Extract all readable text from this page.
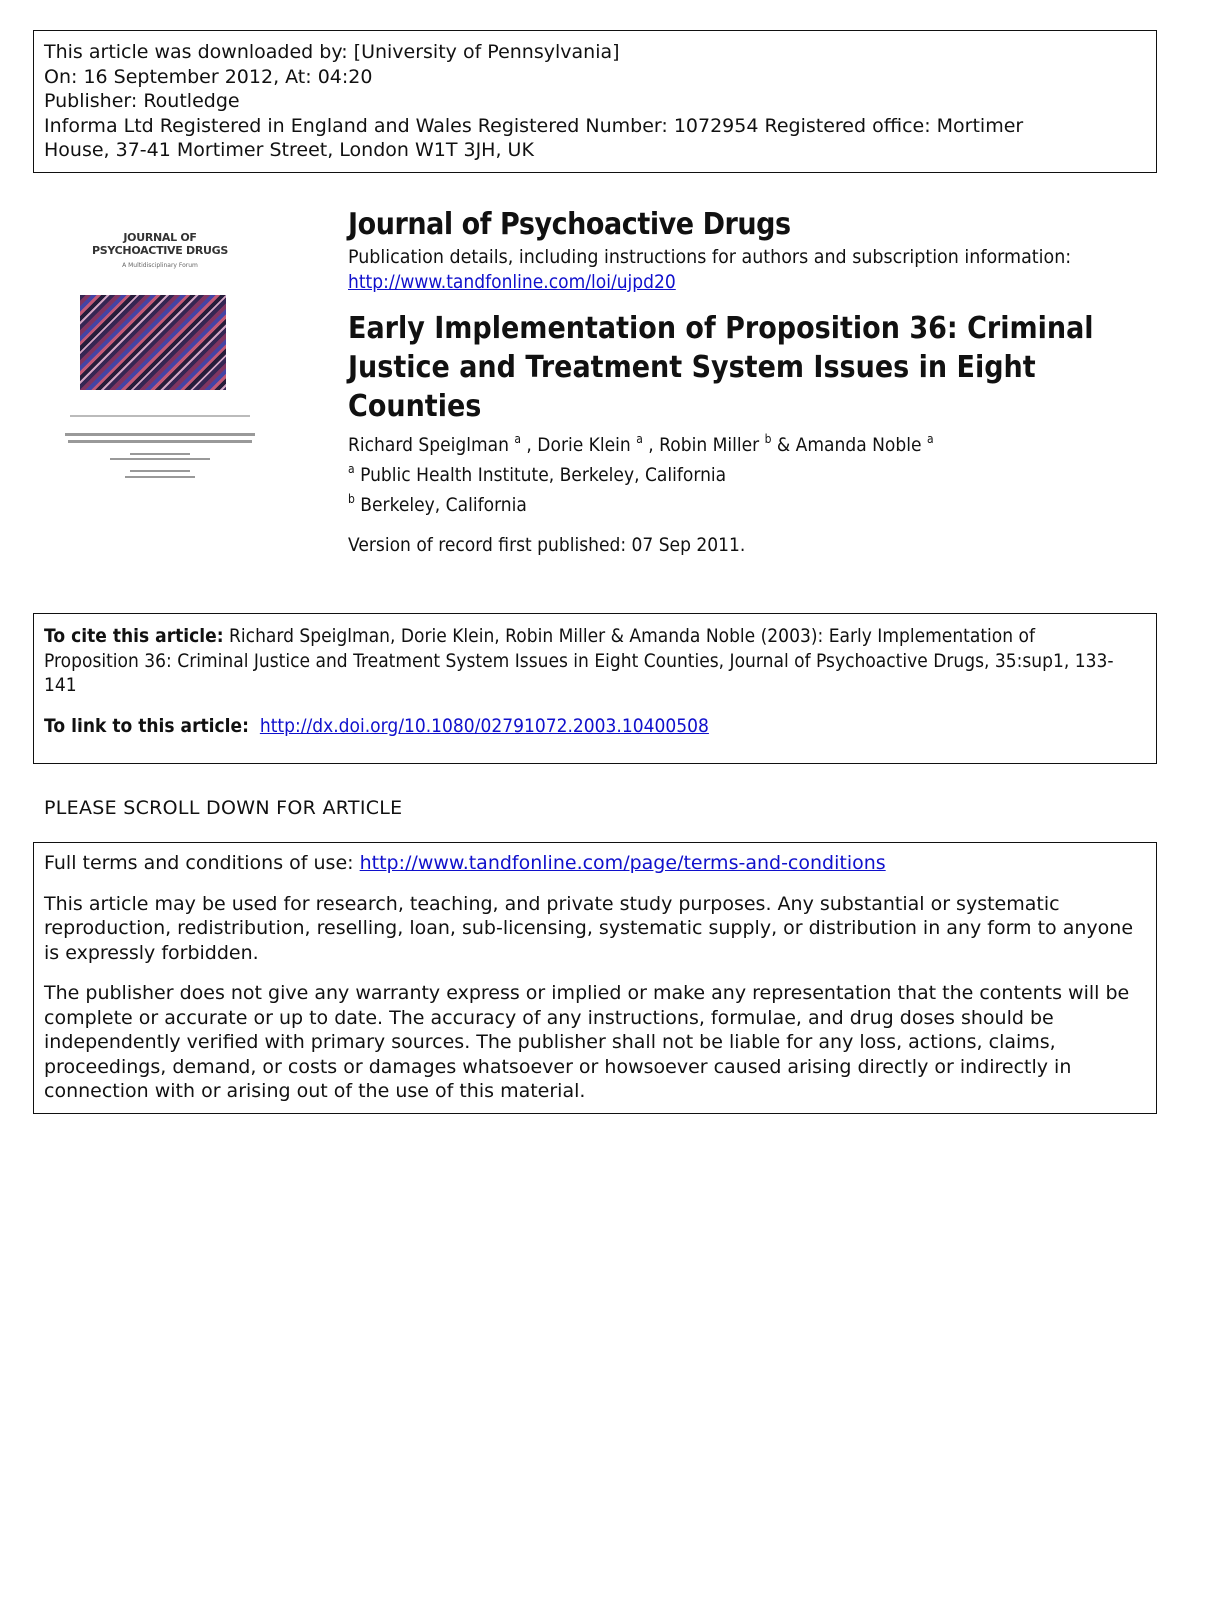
This article was downloaded by: [University of Pennsylvania]
On: 16 September 2012, At: 04:20
Publisher: Routledge
Informa Ltd Registered in England and Wales Registered Number: 1072954 Registered office: Mortimer
House, 37-41 Mortimer Street, London W1T 3JH, UK
JOURNAL OF
PSYCHOACTIVE DRUGS
A Multidisciplinary Forum
Journal of Psychoactive Drugs
Publication details, including instructions for authors and subscription information:
http://www.tandfonline.com/loi/ujpd20
Early Implementation of Proposition 36: Criminal Justice and Treatment System Issues in Eight Counties
Richard Speiglman $^a$ , Dorie Klein $^a$ , Robin Miller $^b$ & Amanda Noble $^a$
$^a$ Public Health Institute, Berkeley, California
$^b$ Berkeley, California
Version of record first published: 07 Sep 2011.
To cite this article: Richard Speiglman, Dorie Klein, Robin Miller & Amanda Noble (2003): Early Implementation of Proposition 36: Criminal Justice and Treatment System Issues in Eight Counties, Journal of Psychoactive Drugs, 35:sup1, 133-141
To link to this article: http://dx.doi.org/10.1080/02791072.2003.10400508
PLEASE SCROLL DOWN FOR ARTICLE

Full terms and conditions of use: http://www.tandfonline.com/page/terms-and-conditions

This article may be used for research, teaching, and private study purposes. Any substantial or systematic reproduction, redistribution, reselling, loan, sub-licensing, systematic supply, or distribution in any form to anyone is expressly forbidden.

The publisher does not give any warranty express or implied or make any representation that the contents will be complete or accurate or up to date. The accuracy of any instructions, formulae, and drug doses should be independently verified with primary sources. The publisher shall not be liable for any loss, actions, claims, proceedings, demand, or costs or damages whatsoever or howsoever caused arising directly or indirectly in connection with or arising out of the use of this material.
